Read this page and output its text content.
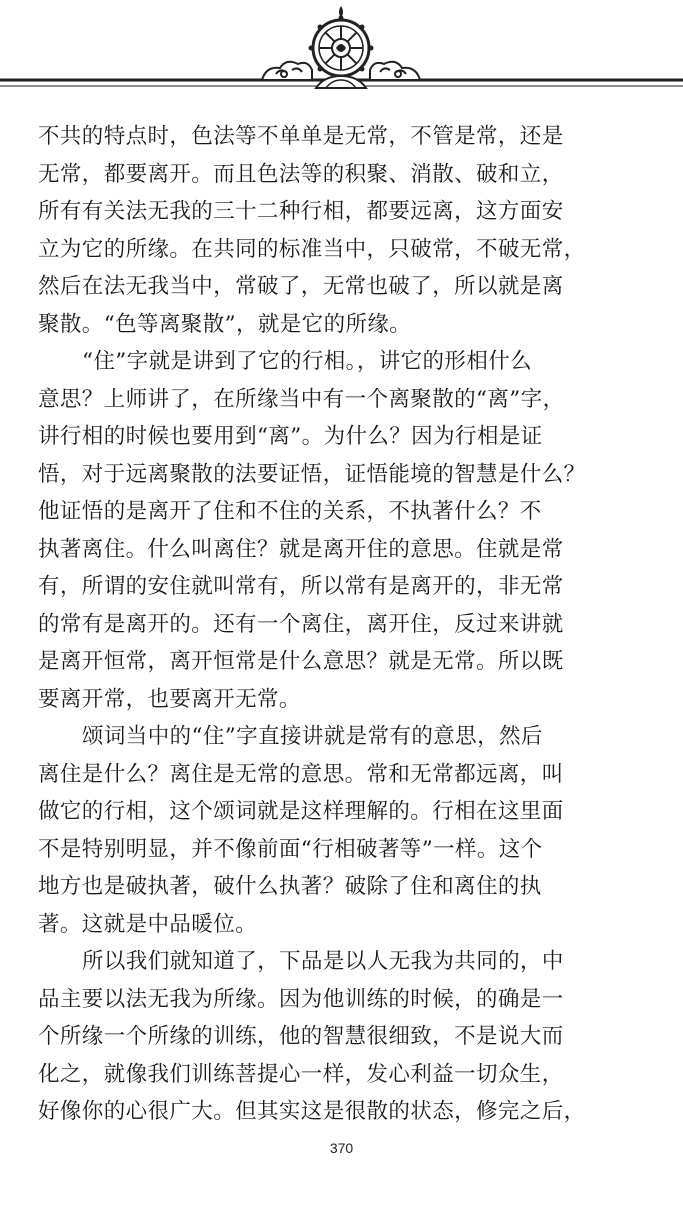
不共的特点时，色法等不单单是无常，不管是常，还是
无常，都要离开。而且色法等的积聚、消散、破和立，
所有有关法无我的三十二种行相，都要远离，这方面安
立为它的所缘。在共同的标准当中，只破常，不破无常，
然后在法无我当中，常破了，无常也破了，所以就是离
聚散。“色等离聚散”，就是它的所缘。
“住”字就是讲到了它的行相。，讲它的形相什么
意思？上师讲了，在所缘当中有一个离聚散的“离”字，
讲行相的时候也要用到“离”。为什么？因为行相是证
悟，对于远离聚散的法要证悟，证悟能境的智慧是什么？
他证悟的是离开了住和不住的关系，不执著什么？不
执著离住。什么叫离住？就是离开住的意思。住就是常
有，所谓的安住就叫常有，所以常有是离开的，非无常
的常有是离开的。还有一个离住，离开住，反过来讲就
是离开恒常，离开恒常是什么意思？就是无常。所以既
要离开常，也要离开无常。
颂词当中的“住”字直接讲就是常有的意思，然后
离住是什么？离住是无常的意思。常和无常都远离，叫
做它的行相，这个颂词就是这样理解的。行相在这里面
不是特别明显，并不像前面“行相破著等”一样。这个
地方也是破执著，破什么执著？破除了住和离住的执
著。这就是中品暖位。
所以我们就知道了，下品是以人无我为共同的，中
品主要以法无我为所缘。因为他训练的时候，的确是一
个所缘一个所缘的训练，他的智慧很细致，不是说大而
化之，就像我们训练菩提心一样，发心利益一切众生，
好像你的心很广大。但其实这是很散的状态，修完之后，
370
